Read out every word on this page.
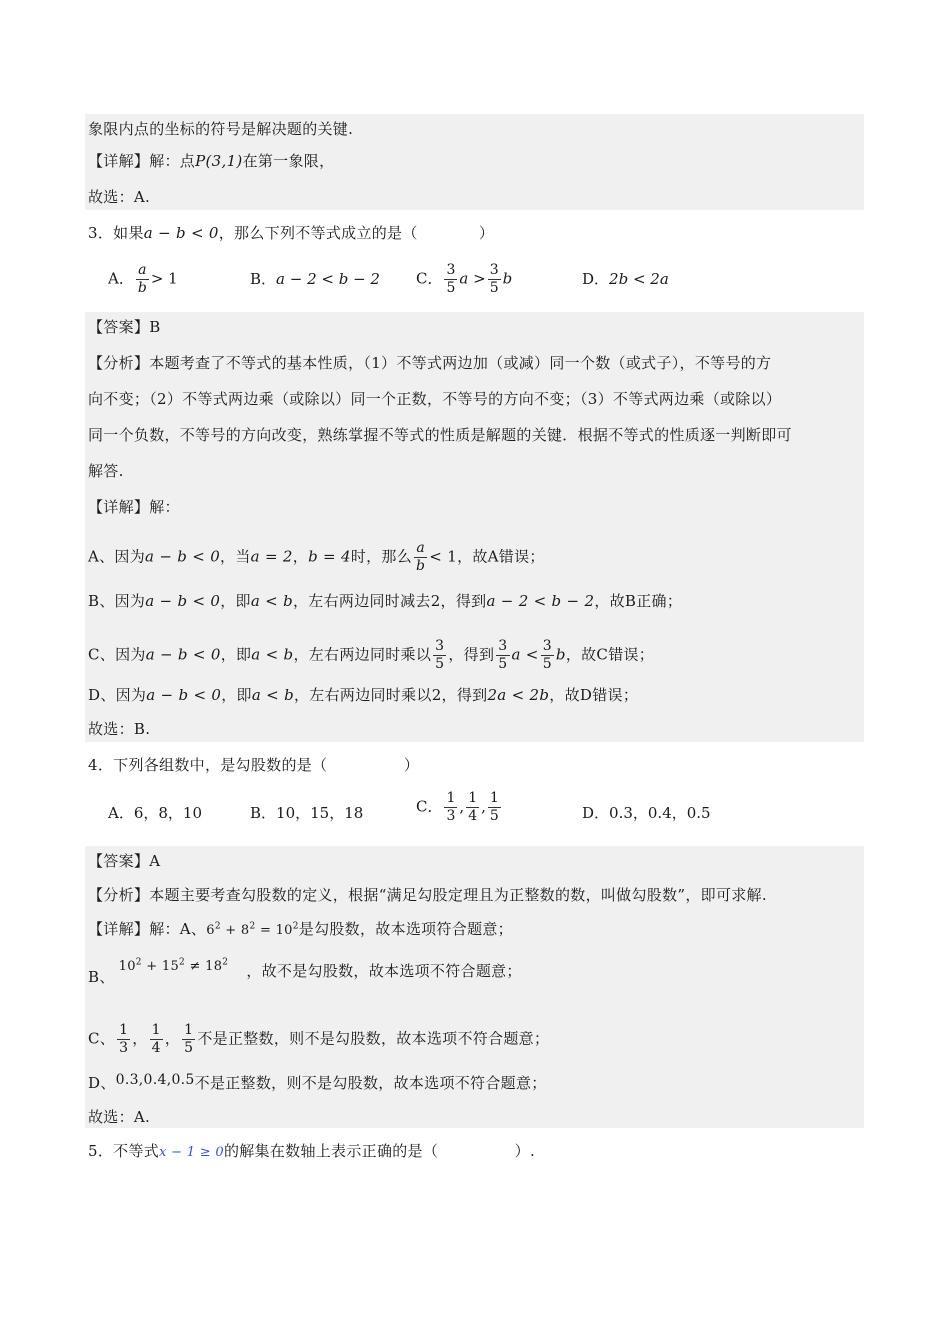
象限内点的坐标的符号是解决题的关键.
【详解】解：点P(3,1)在第一象限，
故选：A.
3．如果a − b < 0，那么下列不等式成立的是（　　　　）
A． $\frac{a}{b} > 1$	B．a − 2 < b − 2 C． $\frac{3}{5}$ $a > \frac{3}{5}$ b	D．2b < 2a
【答案】B
【分析】本题考查了不等式的基本性质，（1）不等式两边加（或减）同一个数（或式子），不等号的方
向不变；（2）不等式两边乘（或除以）同一个正数，不等号的方向不变；（3）不等式两边乘（或除以）
同一个负数，不等号的方向改变，熟练掌握不等式的性质是解题的关键．根据不等式的性质逐一判断即可
解答.
【详解】解：
A、因为a − b < 0，当a = 2，b = 4时，那么 $\frac{a}{b} < 1$，故A错误；
B、因为a − b < 0，即a < b，左右两边同时减去2，得到a − 2 < b − 2，故B正确；
C、因为a − b < 0，即a < b，左右两边同时乘以 $\frac{3}{5}$ ，得到 $\frac{3}{5}$ $a < \frac{3}{5}$ b，故C错误；
D、因为a − b < 0，即a < b，左右两边同时乘以2，得到2a < 2b，故D错误；
故选：B.
4．下列各组数中，是勾股数的是（　　　　　）
A．6，8，10	B．10，15，18	C． $\frac{1}{3}$ , $\frac{1}{4}$ , $\frac{1}{5}$	D．0.3，0.4，0.5
【答案】A
【分析】本题主要考查勾股数的定义，根据“满足勾股定理且为正整数的数，叫做勾股数”，即可求解.
【详解】解：A、$6^2 + 8^2 = 10^2$是勾股数，故本选项符合题意；
B、$10^2 + 15^2 \ne 18^2$ ，故不是勾股数，故本选项不符合题意；
C、 $\frac{1}{3}$ ， $\frac{1}{4}$ ， $\frac{1}{5}$ 不是正整数，则不是勾股数，故本选项不符合题意；
D、0.3,0.4,0.5不是正整数，则不是勾股数，故本选项不符合题意；
故选：A.
5．不等式x − 1 ≥ 0的解集在数轴上表示正确的是（　　　　　）.
